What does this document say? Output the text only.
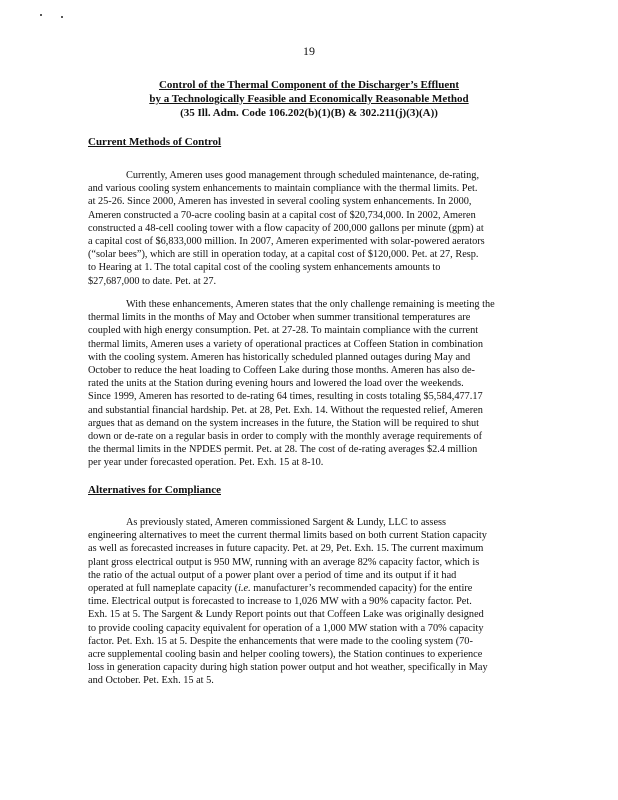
19
Control of the Thermal Component of the Discharger’s Effluent
by a Technologically Feasible and Economically Reasonable Method
(35 Ill. Adm. Code 106.202(b)(1)(B) & 302.211(j)(3)(A))
Current Methods of Control

Currently, Ameren uses good management through scheduled maintenance, de-rating,
and various cooling system enhancements to maintain compliance with the thermal limits. Pet.
at 25-26. Since 2000, Ameren has invested in several cooling system enhancements. In 2000,
Ameren constructed a 70-acre cooling basin at a capital cost of $20,734,000. In 2002, Ameren
constructed a 48-cell cooling tower with a flow capacity of 200,000 gallons per minute (gpm) at
a capital cost of $6,833,000 million. In 2007, Ameren experimented with solar-powered aerators
(“solar bees”), which are still in operation today, at a capital cost of $120,000. Pet. at 27, Resp.
to Hearing at 1. The total capital cost of the cooling system enhancements amounts to
$27,687,000 to date. Pet. at 27.

With these enhancements, Ameren states that the only challenge remaining is meeting the
thermal limits in the months of May and October when summer transitional temperatures are
coupled with high energy consumption. Pet. at 27-28. To maintain compliance with the current
thermal limits, Ameren uses a variety of operational practices at Coffeen Station in combination
with the cooling system. Ameren has historically scheduled planned outages during May and
October to reduce the heat loading to Coffeen Lake during those months. Ameren has also de-
rated the units at the Station during evening hours and lowered the load over the weekends.
Since 1999, Ameren has resorted to de-rating 64 times, resulting in costs totaling $5,584,477.17
and substantial financial hardship. Pet. at 28, Pet. Exh. 14. Without the requested relief, Ameren
argues that as demand on the system increases in the future, the Station will be required to shut
down or de-rate on a regular basis in order to comply with the monthly average requirements of
the thermal limits in the NPDES permit. Pet. at 28. The cost of de-rating averages $2.4 million
per year under forecasted operation. Pet. Exh. 15 at 8-10.

Alternatives for Compliance

As previously stated, Ameren commissioned Sargent & Lundy, LLC to assess
engineering alternatives to meet the current thermal limits based on both current Station capacity
as well as forecasted increases in future capacity. Pet. at 29, Pet. Exh. 15. The current maximum
plant gross electrical output is 950 MW, running with an average 82% capacity factor, which is
the ratio of the actual output of a power plant over a period of time and its output if it had
operated at full nameplate capacity (i.e. manufacturer’s recommended capacity) for the entire
time. Electrical output is forecasted to increase to 1,026 MW with a 90% capacity factor. Pet.
Exh. 15 at 5. The Sargent & Lundy Report points out that Coffeen Lake was originally designed
to provide cooling capacity equivalent for operation of a 1,000 MW station with a 70% capacity
factor. Pet. Exh. 15 at 5. Despite the enhancements that were made to the cooling system (70-
acre supplemental cooling basin and helper cooling towers), the Station continues to experience
loss in generation capacity during high station power output and hot weather, specifically in May
and October. Pet. Exh. 15 at 5.
